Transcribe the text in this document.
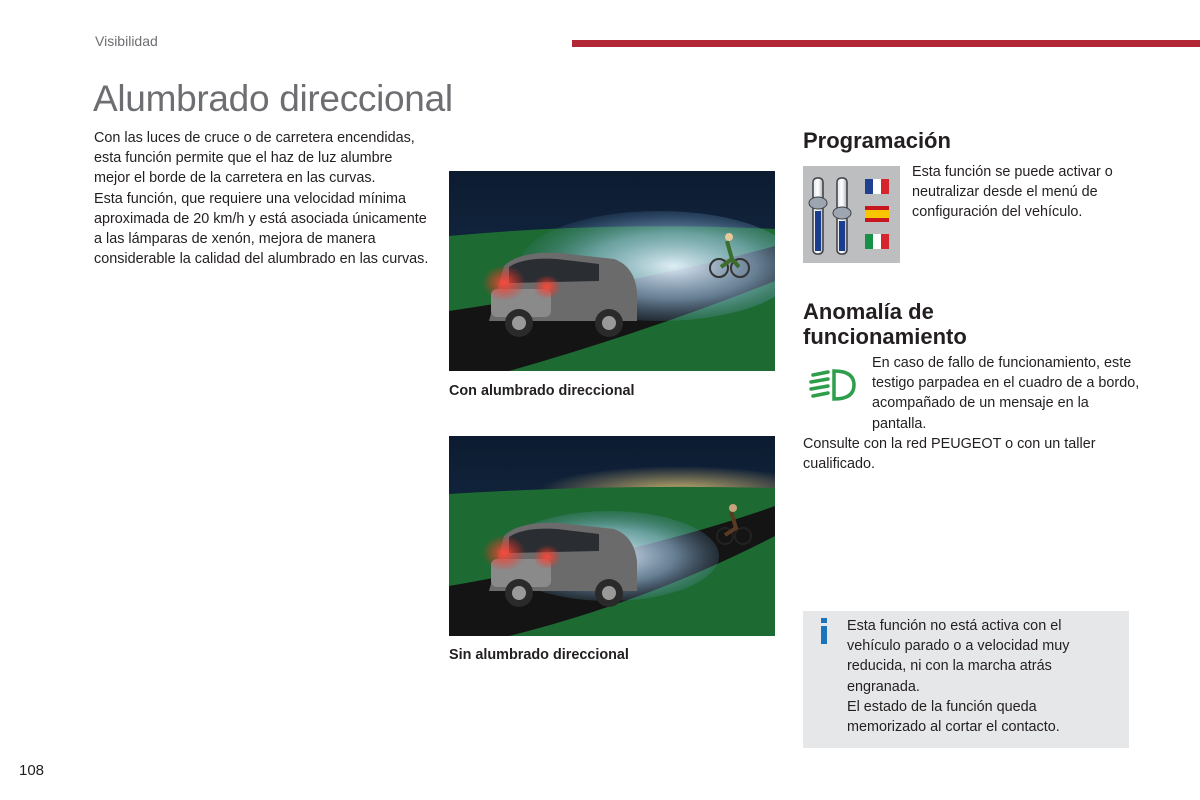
Visibilidad
Alumbrado direccional

Con las luces de cruce o de carretera encendidas, esta función permite que el haz de luz alumbre mejor el borde de la carretera en las curvas.

Esta función, que requiere una velocidad mínima aproximada de 20 km/h y está asociada únicamente a las lámparas de xenón, mejora de manera considerable la calidad del alumbrado en las curvas.

Con alumbrado direccional
Sin alumbrado direccional
Programación
Esta función se puede activar o neutralizar desde el menú de configuración del vehículo.
Anomalía de funcionamiento
En caso de fallo de funcionamiento, este testigo parpadea en el cuadro de a bordo, acompañado de un mensaje en la pantalla.
Consulte con la red PEUGEOT o con un taller cualificado.

Esta función no está activa con el vehículo parado o a velocidad muy reducida, ni con la marcha atrás engranada.

El estado de la función queda memorizado al cortar el contacto.

108
